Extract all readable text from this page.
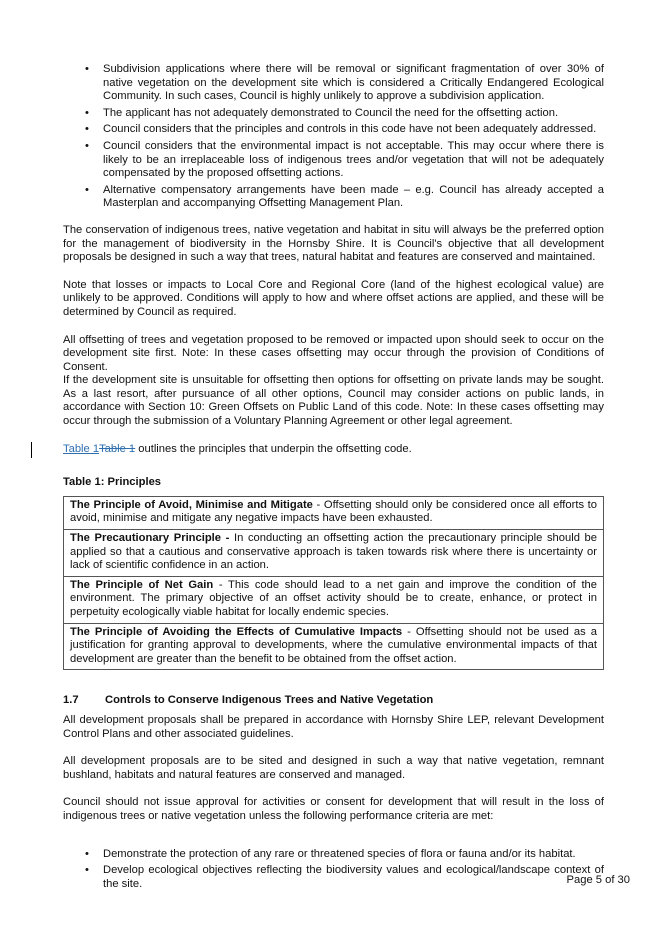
• Subdivision applications where there will be removal or significant fragmentation of over 30% of native vegetation on the development site which is considered a Critically Endangered Ecological Community. In such cases, Council is highly unlikely to approve a subdivision application.
• The applicant has not adequately demonstrated to Council the need for the offsetting action.
• Council considers that the principles and controls in this code have not been adequately addressed.
• Council considers that the environmental impact is not acceptable. This may occur where there is likely to be an irreplaceable loss of indigenous trees and/or vegetation that will not be adequately compensated by the proposed offsetting actions.
• Alternative compensatory arrangements have been made – e.g. Council has already accepted a Masterplan and accompanying Offsetting Management Plan.

The conservation of indigenous trees, native vegetation and habitat in situ will always be the preferred option for the management of biodiversity in the Hornsby Shire. It is Council's objective that all development proposals be designed in such a way that trees, natural habitat and features are conserved and maintained.

Note that losses or impacts to Local Core and Regional Core (land of the highest ecological value) are unlikely to be approved. Conditions will apply to how and where offset actions are applied, and these will be determined by Council as required.

All offsetting of trees and vegetation proposed to be removed or impacted upon should seek to occur on the development site first. Note: In these cases offsetting may occur through the provision of Conditions of Consent.

If the development site is unsuitable for offsetting then options for offsetting on private lands may be sought. As a last resort, after pursuance of all other options, Council may consider actions on public lands, in accordance with Section 10: Green Offsets on Public Land of this code. Note: In these cases offsetting may occur through the submission of a Voluntary Planning Agreement or other legal agreement.

Table 1Table 1 outlines the principles that underpin the offsetting code.

Table 1: Principles

The Principle of Avoid, Minimise and Mitigate - Offsetting should only be considered once all efforts to avoid, minimise and mitigate any negative impacts have been exhausted.
The Precautionary Principle - In conducting an offsetting action the precautionary principle should be applied so that a cautious and conservative approach is taken towards risk where there is uncertainty or lack of scientific confidence in an action.
The Principle of Net Gain - This code should lead to a net gain and improve the condition of the environment. The primary objective of an offset activity should be to create, enhance, or protect in perpetuity ecologically viable habitat for locally endemic species.
The Principle of Avoiding the Effects of Cumulative Impacts - Offsetting should not be used as a justification for granting approval to developments, where the cumulative environmental impacts of that development are greater than the benefit to be obtained from the offset action.
1.7 Controls to Conserve Indigenous Trees and Native Vegetation

All development proposals shall be prepared in accordance with Hornsby Shire LEP, relevant Development Control Plans and other associated guidelines.

All development proposals are to be sited and designed in such a way that native vegetation, remnant bushland, habitats and natural features are conserved and managed.

Council should not issue approval for activities or consent for development that will result in the loss of indigenous trees or native vegetation unless the following performance criteria are met:

• Demonstrate the protection of any rare or threatened species of flora or fauna and/or its habitat.
• Develop ecological objectives reflecting the biodiversity values and ecological/landscape context of the site.	Page 5 of 30
